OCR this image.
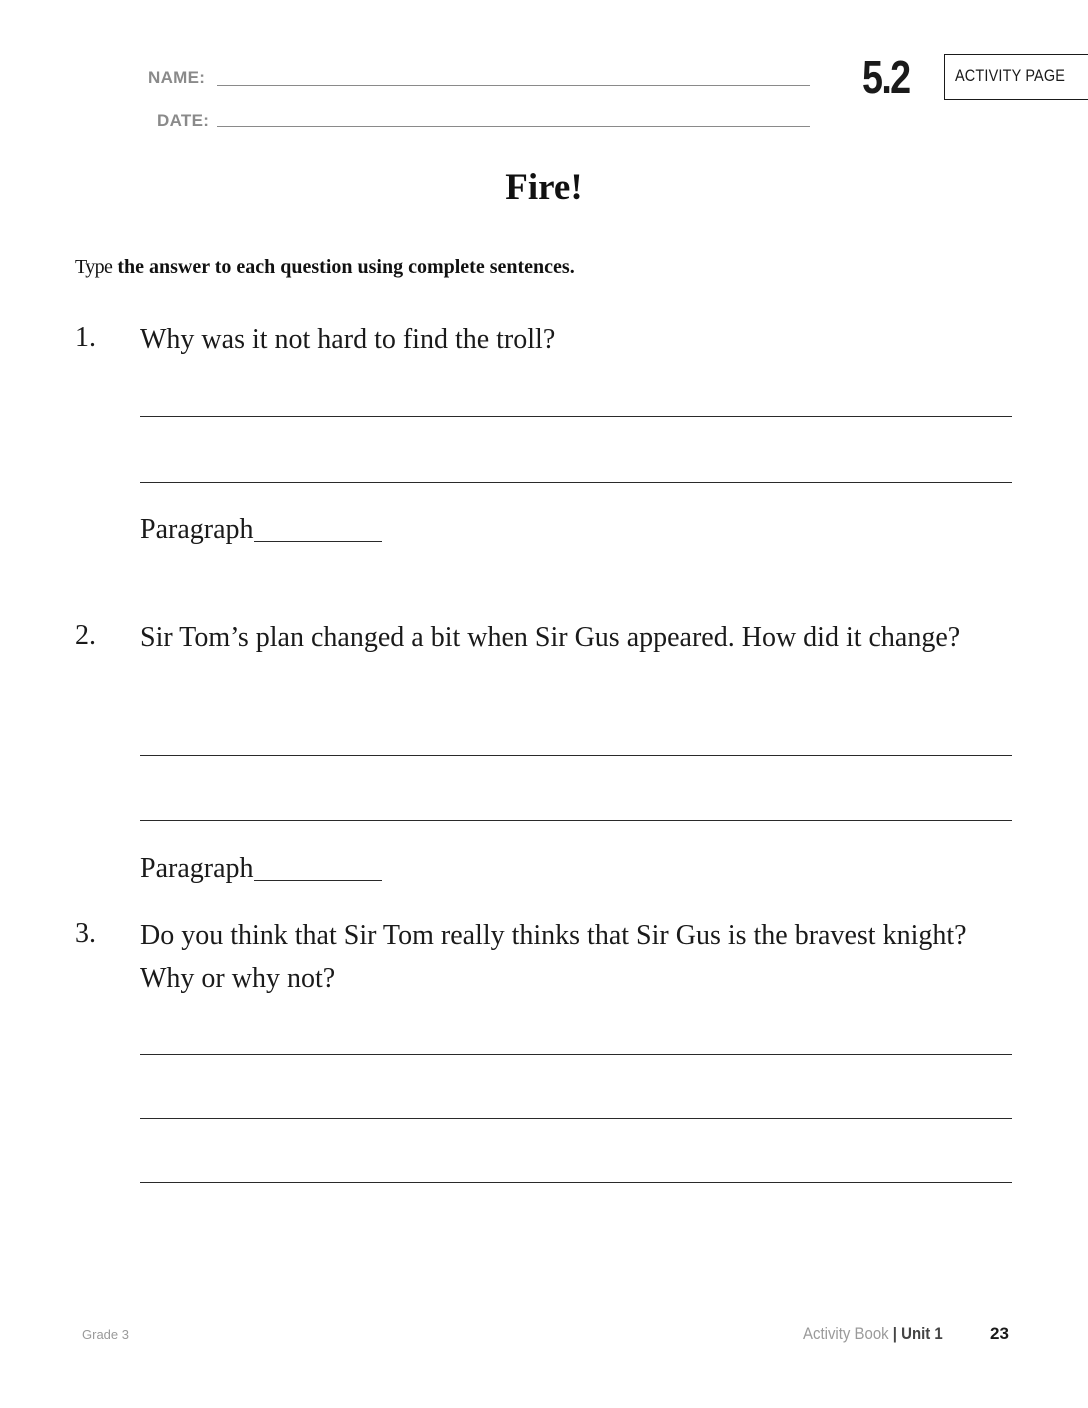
NAME:
DATE:
5.2	ACTIVITY PAGE
Fire!
Type the answer to each question using complete sentences.
1. Why was it not hard to find the troll?
Paragraph
2. Sir Tom’s plan changed a bit when Sir Gus appeared. How did it change?
Paragraph
3. Do you think that Sir Tom really thinks that Sir Gus is the bravest knight? Why or why not?
Grade 3	Activity Book | Unit 1	23
